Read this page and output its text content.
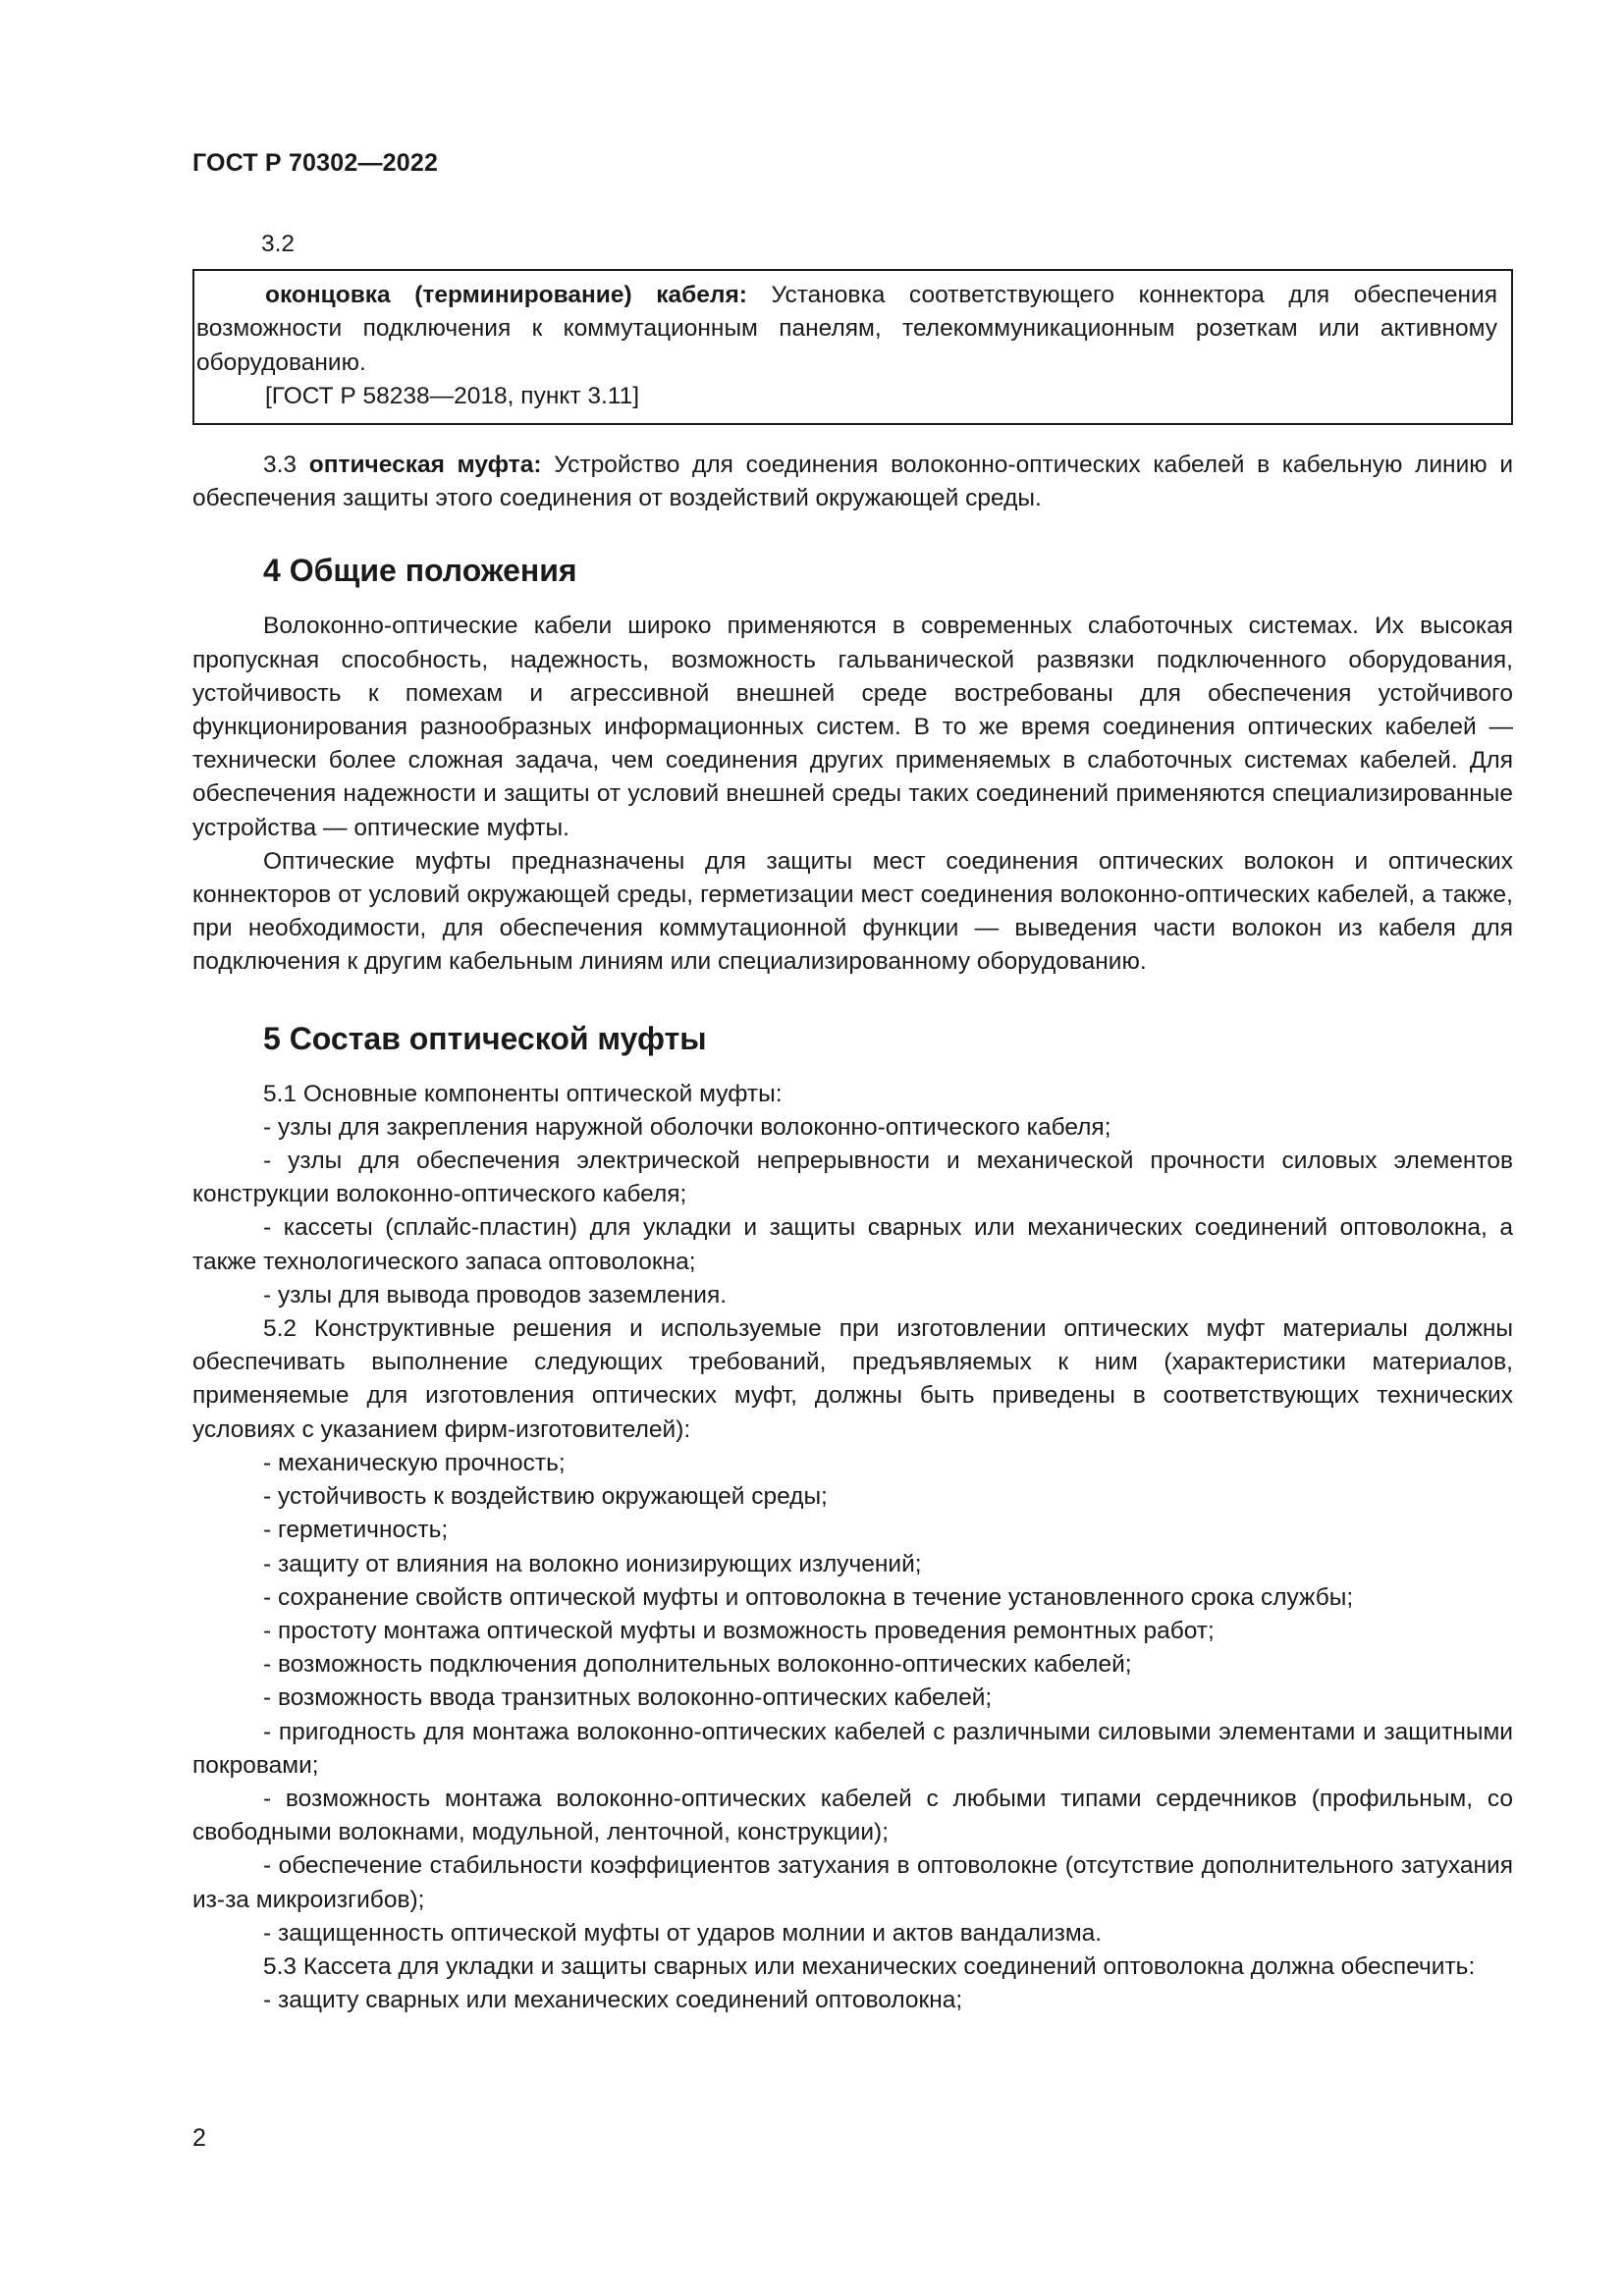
ГОСТ Р 70302—2022

3.2

оконцовка (терминирование) кабеля: Установка соответствующего коннектора для обеспечения возможности подключения к коммутационным панелям, телекоммуникационным розеткам или активному оборудованию.

[ГОСТ Р 58238—2018, пункт 3.11]

3.3 оптическая муфта: Устройство для соединения волоконно-оптических кабелей в кабельную линию и обеспечения защиты этого соединения от воздействий окружающей среды.

4 Общие положения

Волоконно-оптические кабели широко применяются в современных слаботочных системах. Их высокая пропускная способность, надежность, возможность гальванической развязки подключенного оборудования, устойчивость к помехам и агрессивной внешней среде востребованы для обеспечения устойчивого функционирования разнообразных информационных систем. В то же время соединения оптических кабелей — технически более сложная задача, чем соединения других применяемых в слаботочных системах кабелей. Для обеспечения надежности и защиты от условий внешней среды таких соединений применяются специализированные устройства — оптические муфты.

Оптические муфты предназначены для защиты мест соединения оптических волокон и оптических коннекторов от условий окружающей среды, герметизации мест соединения волоконно-оптических кабелей, а также, при необходимости, для обеспечения коммутационной функции — выведения части волокон из кабеля для подключения к другим кабельным линиям или специализированному оборудованию.

5 Состав оптической муфты

5.1 Основные компоненты оптической муфты:

- узлы для закрепления наружной оболочки волоконно-оптического кабеля;

- узлы для обеспечения электрической непрерывности и механической прочности силовых элементов конструкции волоконно-оптического кабеля;

- кассеты (сплайс-пластин) для укладки и защиты сварных или механических соединений оптоволокна, а также технологического запаса оптоволокна;

- узлы для вывода проводов заземления.

5.2 Конструктивные решения и используемые при изготовлении оптических муфт материалы должны обеспечивать выполнение следующих требований, предъявляемых к ним (характеристики материалов, применяемые для изготовления оптических муфт, должны быть приведены в соответствующих технических условиях с указанием фирм-изготовителей):

- механическую прочность;

- устойчивость к воздействию окружающей среды;

- герметичность;

- защиту от влияния на волокно ионизирующих излучений;

- сохранение свойств оптической муфты и оптоволокна в течение установленного срока службы;

- простоту монтажа оптической муфты и возможность проведения ремонтных работ;

- возможность подключения дополнительных волоконно-оптических кабелей;

- возможность ввода транзитных волоконно-оптических кабелей;

- пригодность для монтажа волоконно-оптических кабелей с различными силовыми элементами и защитными покровами;

- возможность монтажа волоконно-оптических кабелей с любыми типами сердечников (профильным, со свободными волокнами, модульной, ленточной, конструкции);

- обеспечение стабильности коэффициентов затухания в оптоволокне (отсутствие дополнительного затухания из-за микроизгибов);

- защищенность оптической муфты от ударов молнии и актов вандализма.

5.3 Кассета для укладки и защиты сварных или механических соединений оптоволокна должна обеспечить:

- защиту сварных или механических соединений оптоволокна;

2
